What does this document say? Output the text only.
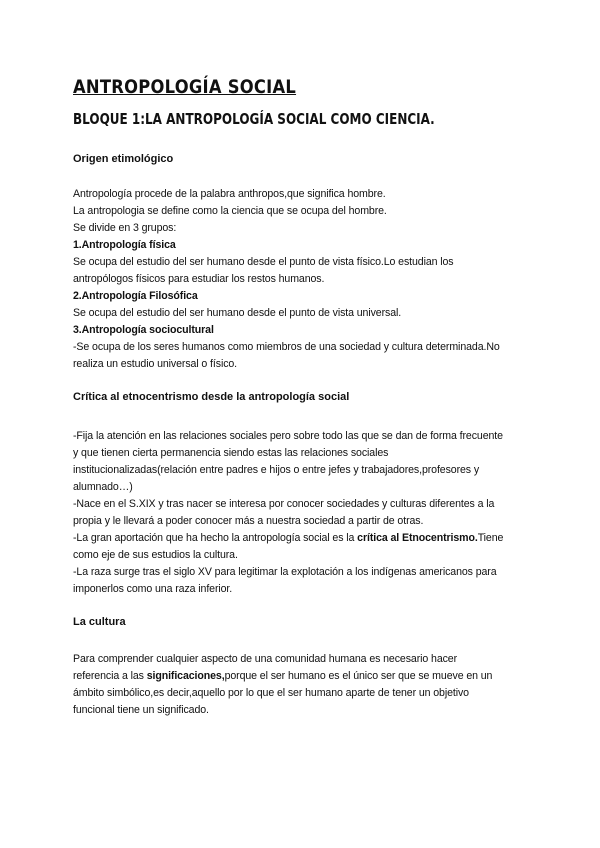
ANTROPOLOGÍA SOCIAL
BLOQUE 1:LA ANTROPOLOGÍA SOCIAL COMO CIENCIA.
Origen etimológico
Antropología procede de la palabra anthropos,que significa hombre.
La antropologia se define como la ciencia que se ocupa del hombre.
Se divide en 3 grupos:
1.Antropología física
Se ocupa del estudio del ser humano desde el punto de vista físico.Lo estudian los
antropólogos físicos para estudiar los restos humanos.
2.Antropología Filosófica
Se ocupa del estudio del ser humano desde el punto de vista universal.
3.Antropología sociocultural
-Se ocupa de los seres humanos como miembros de una sociedad y cultura determinada.No
realiza un estudio universal o físico.
Crítica al etnocentrismo desde la antropología social
-Fija la atención en las relaciones sociales pero sobre todo las que se dan de forma frecuente
y que tienen cierta permanencia siendo estas las relaciones sociales
institucionalizadas(relación entre padres e hijos o entre jefes y trabajadores,profesores y
alumnado…)
-Nace en el S.XIX y tras nacer se interesa por conocer sociedades y culturas diferentes a la
propia y le llevará a poder conocer más a nuestra sociedad a partir de otras.
-La gran aportación que ha hecho la antropología social es la crítica al Etnocentrismo.Tiene
como eje de sus estudios la cultura.
-La raza surge tras el siglo XV para legitimar la explotación a los indígenas americanos para
imponerlos como una raza inferior.
La cultura
Para comprender cualquier aspecto de una comunidad humana es necesario hacer
referencia a las significaciones,porque el ser humano es el único ser que se mueve en un
ámbito simbólico,es decir,aquello por lo que el ser humano aparte de tener un objetivo
funcional tiene un significado.
